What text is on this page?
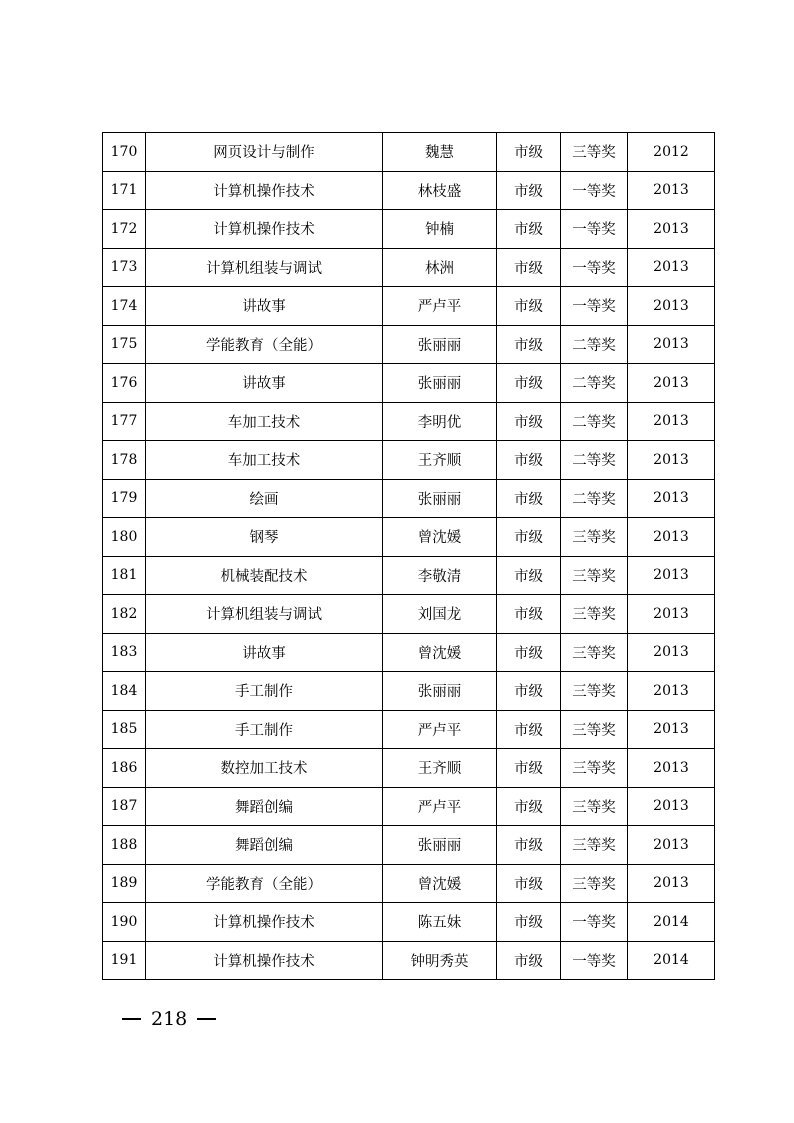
170	网页设计与制作	魏慧	市级	三等奖	2012
171	计算机操作技术	林枝盛	市级	一等奖	2013
172	计算机操作技术	钟楠	市级	一等奖	2013
173	计算机组装与调试	林洲	市级	一等奖	2013
174	讲故事	严卢平	市级	一等奖	2013
175	学能教育（全能）	张丽丽	市级	二等奖	2013
176	讲故事	张丽丽	市级	二等奖	2013
177	车加工技术	李明优	市级	二等奖	2013
178	车加工技术	王齐顺	市级	二等奖	2013
179	绘画	张丽丽	市级	二等奖	2013
180	钢琴	曾沈媛	市级	三等奖	2013
181	机械装配技术	李敬清	市级	三等奖	2013
182	计算机组装与调试	刘国龙	市级	三等奖	2013
183	讲故事	曾沈媛	市级	三等奖	2013
184	手工制作	张丽丽	市级	三等奖	2013
185	手工制作	严卢平	市级	三等奖	2013
186	数控加工技术	王齐顺	市级	三等奖	2013
187	舞蹈创编	严卢平	市级	三等奖	2013
188	舞蹈创编	张丽丽	市级	三等奖	2013
189	学能教育（全能）	曾沈媛	市级	三等奖	2013
190	计算机操作技术	陈五妹	市级	一等奖	2014
191	计算机操作技术	钟明秀英	市级	一等奖	2014
218
